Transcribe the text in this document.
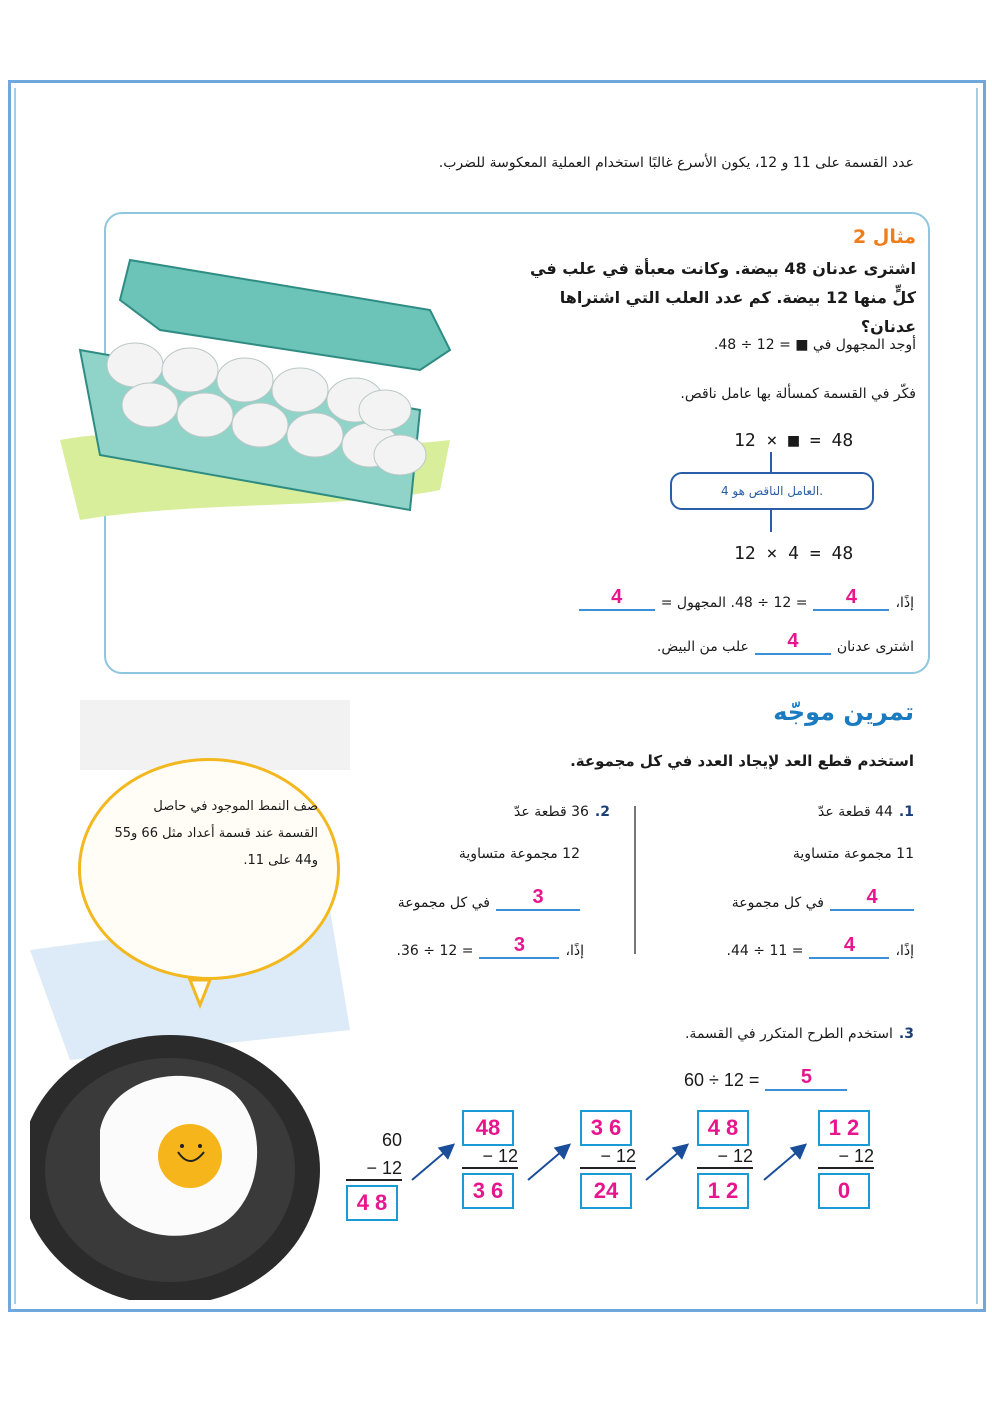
عدد القسمة على 11 و 12، يكون الأسرع غالبًا استخدام العملية المعكوسة للضرب.
مثال 2
اشترى عدنان 48 بيضة. وكانت معبأة في علب في كلٍّ منها 12 بيضة. كم عدد العلب التي اشتراها عدنان؟
أوجد المجهول في ■ = 12 ÷ 48.
فكّر في القسمة كمسألة بها عامل ناقص.
12 × ■ = 48
العامل الناقص هو 4.
12 × 4 = 48
إذًا،
4
= 12 ÷ 48. المجهول =
4
اشترى عدنان
4
علب من البيض.
تمرين موجّه
استخدم قطع العد لإيجاد العدد في كل مجموعة.
1.
44 قطعة عدّ
11 مجموعة متساوية
4
في كل مجموعة
إذًا،
4
= 11 ÷ 44.
2.
36 قطعة عدّ
12 مجموعة متساوية
3
في كل مجموعة
إذًا،
3
= 12 ÷ 36.
3.
استخدم الطرح المتكرر في القسمة.
60 ÷ 12 =	5
60
− 12
4 8
48
− 12
3 6
3 6
− 12
24
4 8
− 12
1 2
1 2
− 12
0
صف النمط الموجود في حاصل القسمة عند قسمة أعداد مثل 66 و55 و44 على 11.
